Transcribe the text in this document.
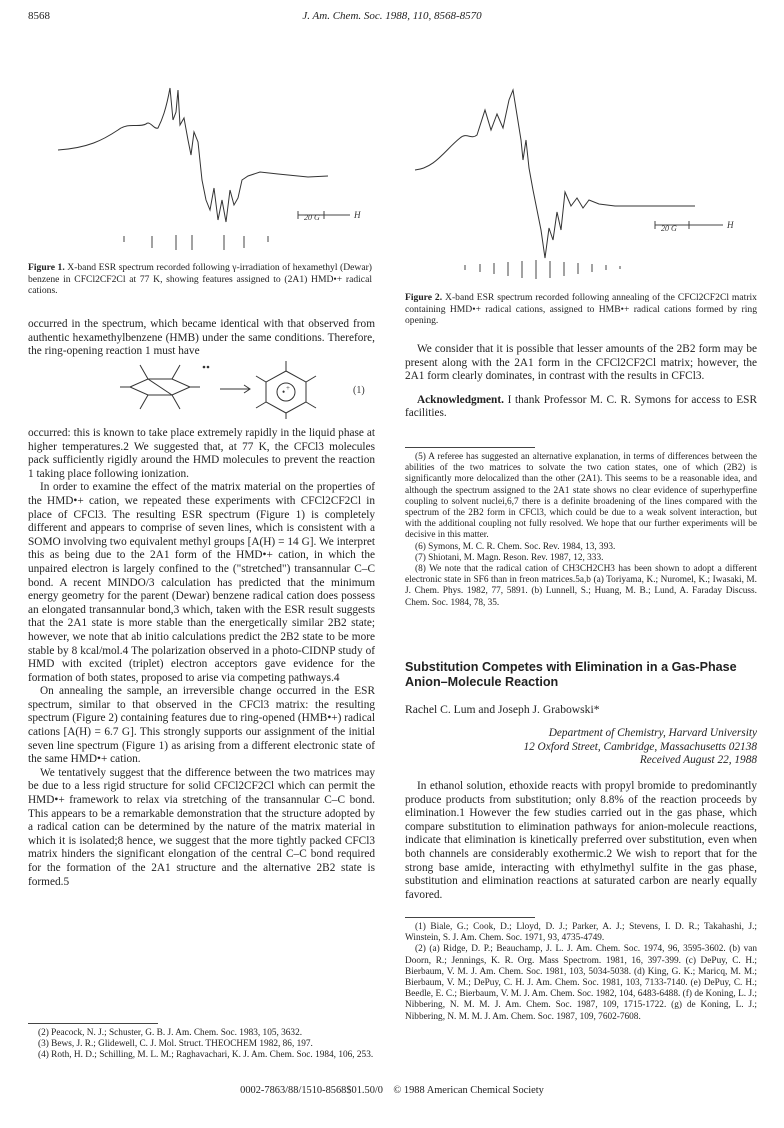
8568	J. Am. Chem. Soc. 1988, 110, 8568-8570
20 G	H
Figure 1. X-band ESR spectrum recorded following γ-irradiation of hexamethyl (Dewar) benzene in CFCl2CF2Cl at 77 K, showing features assigned to (2A1) HMD•+ radical cations.
20 G	H
Figure 2. X-band ESR spectrum recorded following annealing of the CFCl2CF2Cl matrix containing HMD•+ radical cations, assigned to HMB•+ radical cations formed by ring opening.

occurred in the spectrum, which became identical with that observed from authentic hexamethylbenzene (HMB) under the same conditions. Therefore, the ring-opening reaction 1 must have

• +	(1)

occurred: this is known to take place extremely rapidly in the liquid phase at higher temperatures.2 We suggested that, at 77 K, the CFCl3 molecules pack sufficiently rigidly around the HMD molecules to prevent the reaction 1 taking place following ionization.

In order to examine the effect of the matrix material on the properties of the HMD•+ cation, we repeated these experiments with CFCl2CF2Cl in place of CFCl3. The resulting ESR spectrum (Figure 1) is completely different and appears to comprise of seven lines, which is consistent with a SOMO involving two equivalent methyl groups [A(H) = 14 G]. We interpret this as being due to the 2A1 form of the HMD•+ cation, in which the unpaired electron is largely confined to the ("stretched") transannular C–C bond. A recent MINDO/3 calculation has predicted that the minimum energy geometry for the parent (Dewar) benzene radical cation does possess an elongated transannular bond,3 which, taken with the ESR result suggests that the 2A1 state is more stable than the energetically similar 2B2 state; however, we note that ab initio calculations predict the 2B2 state to be more stable by 8 kcal/mol.4 The polarization observed in a photo-CIDNP study of HMD with excited (triplet) electron acceptors gave evidence for the formation of both states, proposed to arise via competing pathways.4

On annealing the sample, an irreversible change occurred in the ESR spectrum, similar to that observed in the CFCl3 matrix: the resulting spectrum (Figure 2) containing features due to ring-opened (HMB•+) radical cations [A(H) = 6.7 G]. This strongly supports our assignment of the initial seven line spectrum (Figure 1) as arising from a different electronic state of the same HMD•+ cation.

We tentatively suggest that the difference between the two matrices may be due to a less rigid structure for solid CFCl2CF2Cl which can permit the HMD•+ framework to relax via stretching of the transannular C–C bond. This appears to be a remarkable demonstration that the structure adopted by a radical cation can be determined by the nature of the matrix material in which it is isolated;8 hence, we suggest that the more tightly packed CFCl3 matrix hinders the significant elongation of the central C–C bond required for the formation of the 2A1 structure and the alternative 2B2 state is formed.5

(2) Peacock, N. J.; Schuster, G. B. J. Am. Chem. Soc. 1983, 105, 3632.
(3) Bews, J. R.; Glidewell, C. J. Mol. Struct. THEOCHEM 1982, 86, 197.
(4) Roth, H. D.; Schilling, M. L. M.; Raghavachari, K. J. Am. Chem. Soc. 1984, 106, 253.

We consider that it is possible that lesser amounts of the 2B2 form may be present along with the 2A1 form in the CFCl2CF2Cl matrix; however, the 2A1 form clearly dominates, in contrast with the results in CFCl3.

Acknowledgment. I thank Professor M. C. R. Symons for access to ESR facilities.

(5) A referee has suggested an alternative explanation, in terms of differences between the abilities of the two matrices to solvate the two cation states, one of which (2B2) is significantly more delocalized than the other (2A1). This seems to be a reasonable idea, and although the spectrum assigned to the 2A1 state shows no clear evidence of superhyperfine coupling to solvent nuclei,6,7 there is a definite broadening of the lines compared with the spectrum of the 2B2 form in CFCl3, which could be due to a weak solvent interaction, but with the additional coupling not fully resolved. We hope that our further experiments will be decisive in this matter.
(6) Symons, M. C. R. Chem. Soc. Rev. 1984, 13, 393.
(7) Shiotani, M. Magn. Reson. Rev. 1987, 12, 333.
(8) We note that the radical cation of CH3CH2CH3 has been shown to adopt a different electronic state in SF6 than in freon matrices.5a,b (a) Toriyama, K.; Nuromel, K.; Iwasaki, M. J. Chem. Phys. 1982, 77, 5891. (b) Lunnell, S.; Huang, M. B.; Lund, A. Faraday Discuss. Chem. Soc. 1984, 78, 35.
Substitution Competes with Elimination in a Gas-Phase Anion–Molecule Reaction
Rachel C. Lum and Joseph J. Grabowski*
Department of Chemistry, Harvard University
12 Oxford Street, Cambridge, Massachusetts 02138
Received August 22, 1988

In ethanol solution, ethoxide reacts with propyl bromide to predominantly produce products from substitution; only 8.8% of the reaction proceeds by elimination.1 However the few studies carried out in the gas phase, which compare substitution to elimination pathways for anion-molecule reactions, indicate that elimination is kinetically preferred over substitution, even when both channels are considerably exothermic.2 We wish to report that for the strong base amide, interacting with ethylmethyl sulfite in the gas phase, substitution and elimination reactions at saturated carbon are nearly equally favored.

(1) Biale, G.; Cook, D.; Lloyd, D. J.; Parker, A. J.; Stevens, I. D. R.; Takahashi, J.; Winstein, S. J. Am. Chem. Soc. 1971, 93, 4735-4749.
(2) (a) Ridge, D. P.; Beauchamp, J. L. J. Am. Chem. Soc. 1974, 96, 3595-3602. (b) van Doorn, R.; Jennings, K. R. Org. Mass Spectrom. 1981, 16, 397-399. (c) DePuy, C. H.; Bierbaum, V. M. J. Am. Chem. Soc. 1981, 103, 5034-5038. (d) King, G. K.; Maricq, M. M.; Bierbaum, V. M.; DePuy, C. H. J. Am. Chem. Soc. 1981, 103, 7133-7140. (e) DePuy, C. H.; Beedle, E. C.; Bierbaum, V. M. J. Am. Chem. Soc. 1982, 104, 6483-6488. (f) de Koning, L. J.; Nibbering, N. M. M. J. Am. Chem. Soc. 1987, 109, 1715-1722. (g) de Koning, L. J.; Nibbering, N. M. M. J. Am. Chem. Soc. 1987, 109, 7602-7608.
0002-7863/88/1510-8568$01.50/0 © 1988 American Chemical Society
